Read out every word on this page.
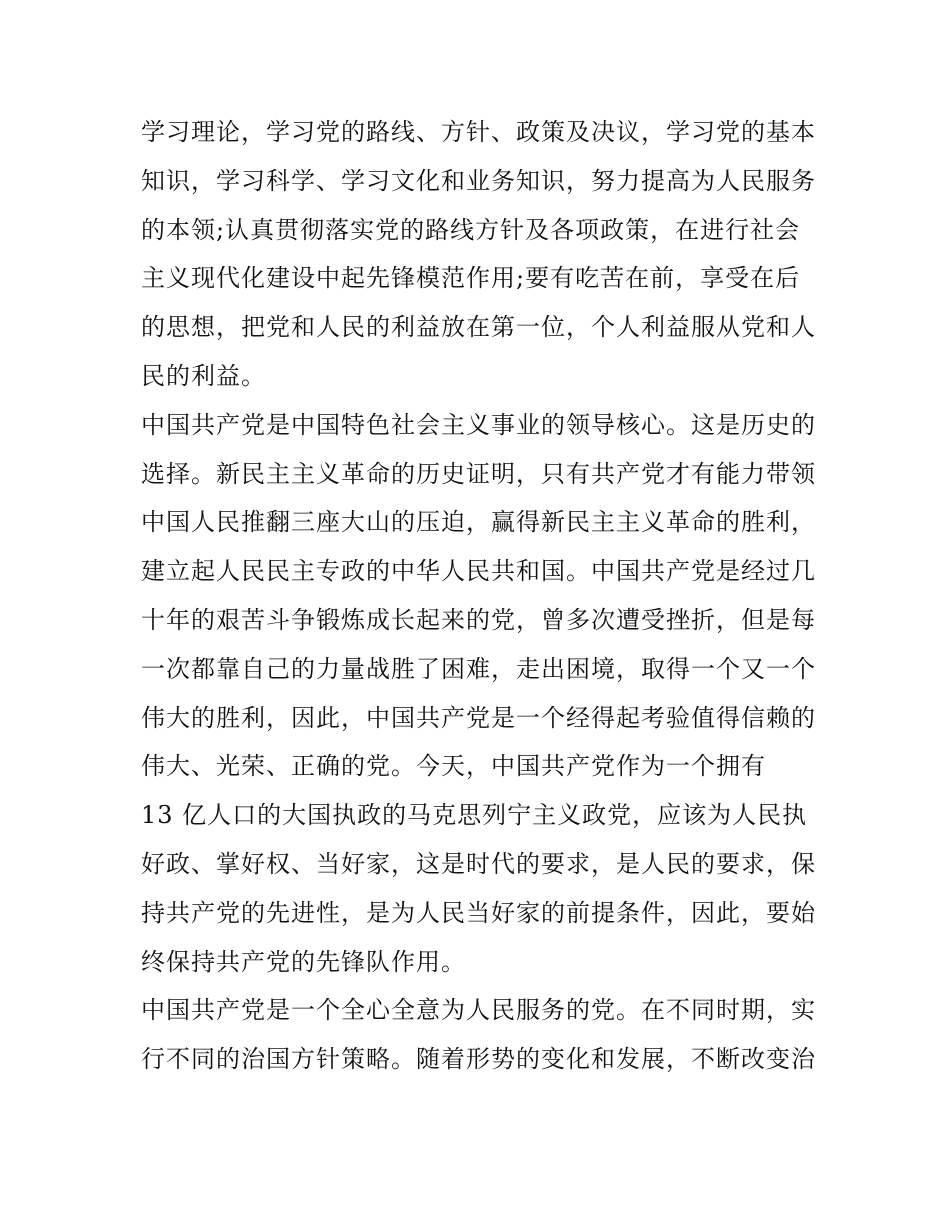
学习理论，学习党的路线、方针、政策及决议，学习党的基本
知识，学习科学、学习文化和业务知识，努力提高为人民服务
的本领;认真贯彻落实党的路线方针及各项政策，在进行社会
主义现代化建设中起先锋模范作用;要有吃苦在前，享受在后
的思想，把党和人民的利益放在第一位，个人利益服从党和人
民的利益。
中国共产党是中国特色社会主义事业的领导核心。这是历史的
选择。新民主主义革命的历史证明，只有共产党才有能力带领
中国人民推翻三座大山的压迫，赢得新民主主义革命的胜利，
建立起人民民主专政的中华人民共和国。中国共产党是经过几
十年的艰苦斗争锻炼成长起来的党，曾多次遭受挫折，但是每
一次都靠自己的力量战胜了困难，走出困境，取得一个又一个
伟大的胜利，因此，中国共产党是一个经得起考验值得信赖的
伟大、光荣、正确的党。今天，中国共产党作为一个拥有
13 亿人口的大国执政的马克思列宁主义政党，应该为人民执
好政、掌好权、当好家，这是时代的要求，是人民的要求，保
持共产党的先进性，是为人民当好家的前提条件，因此，要始
终保持共产党的先锋队作用。
中国共产党是一个全心全意为人民服务的党。在不同时期，实
行不同的治国方针策略。随着形势的变化和发展，不断改变治
